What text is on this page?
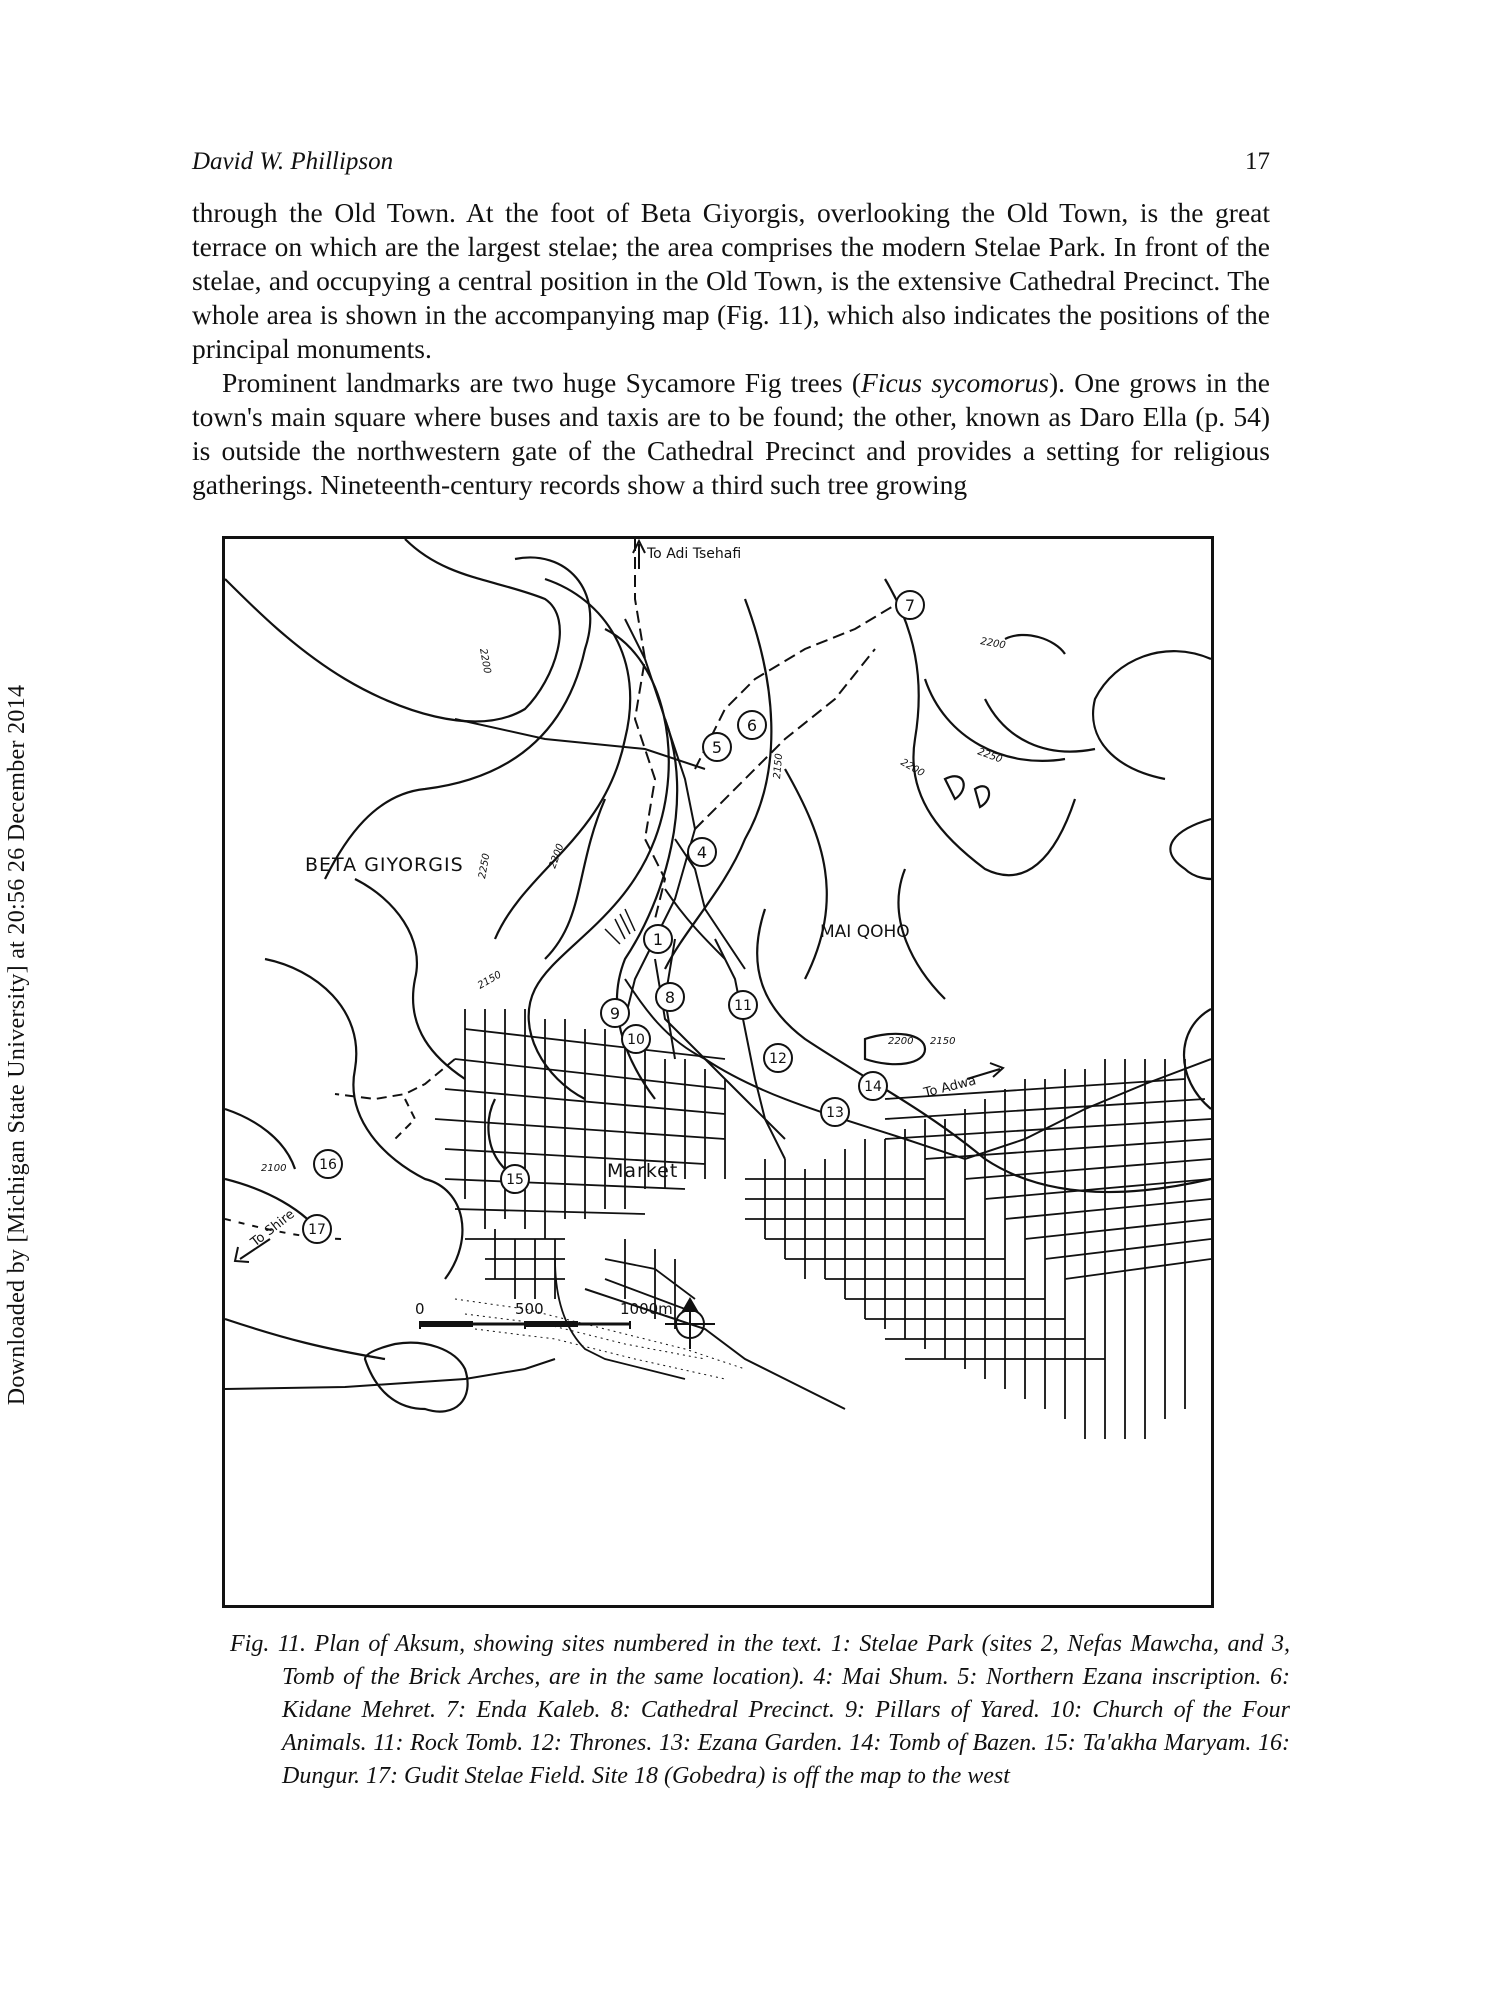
Downloaded by [Michigan State University] at 20:56 26 December 2014
David W. Phillipson	17

through the Old Town. At the foot of Beta Giyorgis, overlooking the Old Town, is the great terrace on which are the largest stelae; the area comprises the modern Stelae Park. In front of the stelae, and occupying a central position in the Old Town, is the extensive Cathedral Precinct. The whole area is shown in the accompanying map (Fig. 11), which also indicates the positions of the principal monuments.

Prominent landmarks are two huge Sycamore Fig trees (Ficus sycomorus). One grows in the town's main square where buses and taxis are to be found; the other, known as Daro Ella (p. 54) is outside the northwestern gate of the Cathedral Precinct and provides a setting for religious gatherings. Nineteenth-century records show a third such tree growing

1
4
5
6
7
8
9
10
11
12
13
14
15
16
17
To Adi Tsehafi
BETA GIYORGIS
MAI QOHO
Market
To Adwa
To Shire
2200
2250	2200
2150
2150
2200
2250
2200 2150
2100
2200
0	500	1000m
Fig. 11. Plan of Aksum, showing sites numbered in the text. 1: Stelae Park (sites 2, Nefas Mawcha, and 3, Tomb of the Brick Arches, are in the same location). 4: Mai Shum. 5: Northern Ezana inscription. 6: Kidane Mehret. 7: Enda Kaleb. 8: Cathedral Precinct. 9: Pillars of Yared. 10: Church of the Four Animals. 11: Rock Tomb. 12: Thrones. 13: Ezana Garden. 14: Tomb of Bazen. 15: Ta'akha Maryam. 16: Dungur. 17: Gudit Stelae Field. Site 18 (Gobedra) is off the map to the west
